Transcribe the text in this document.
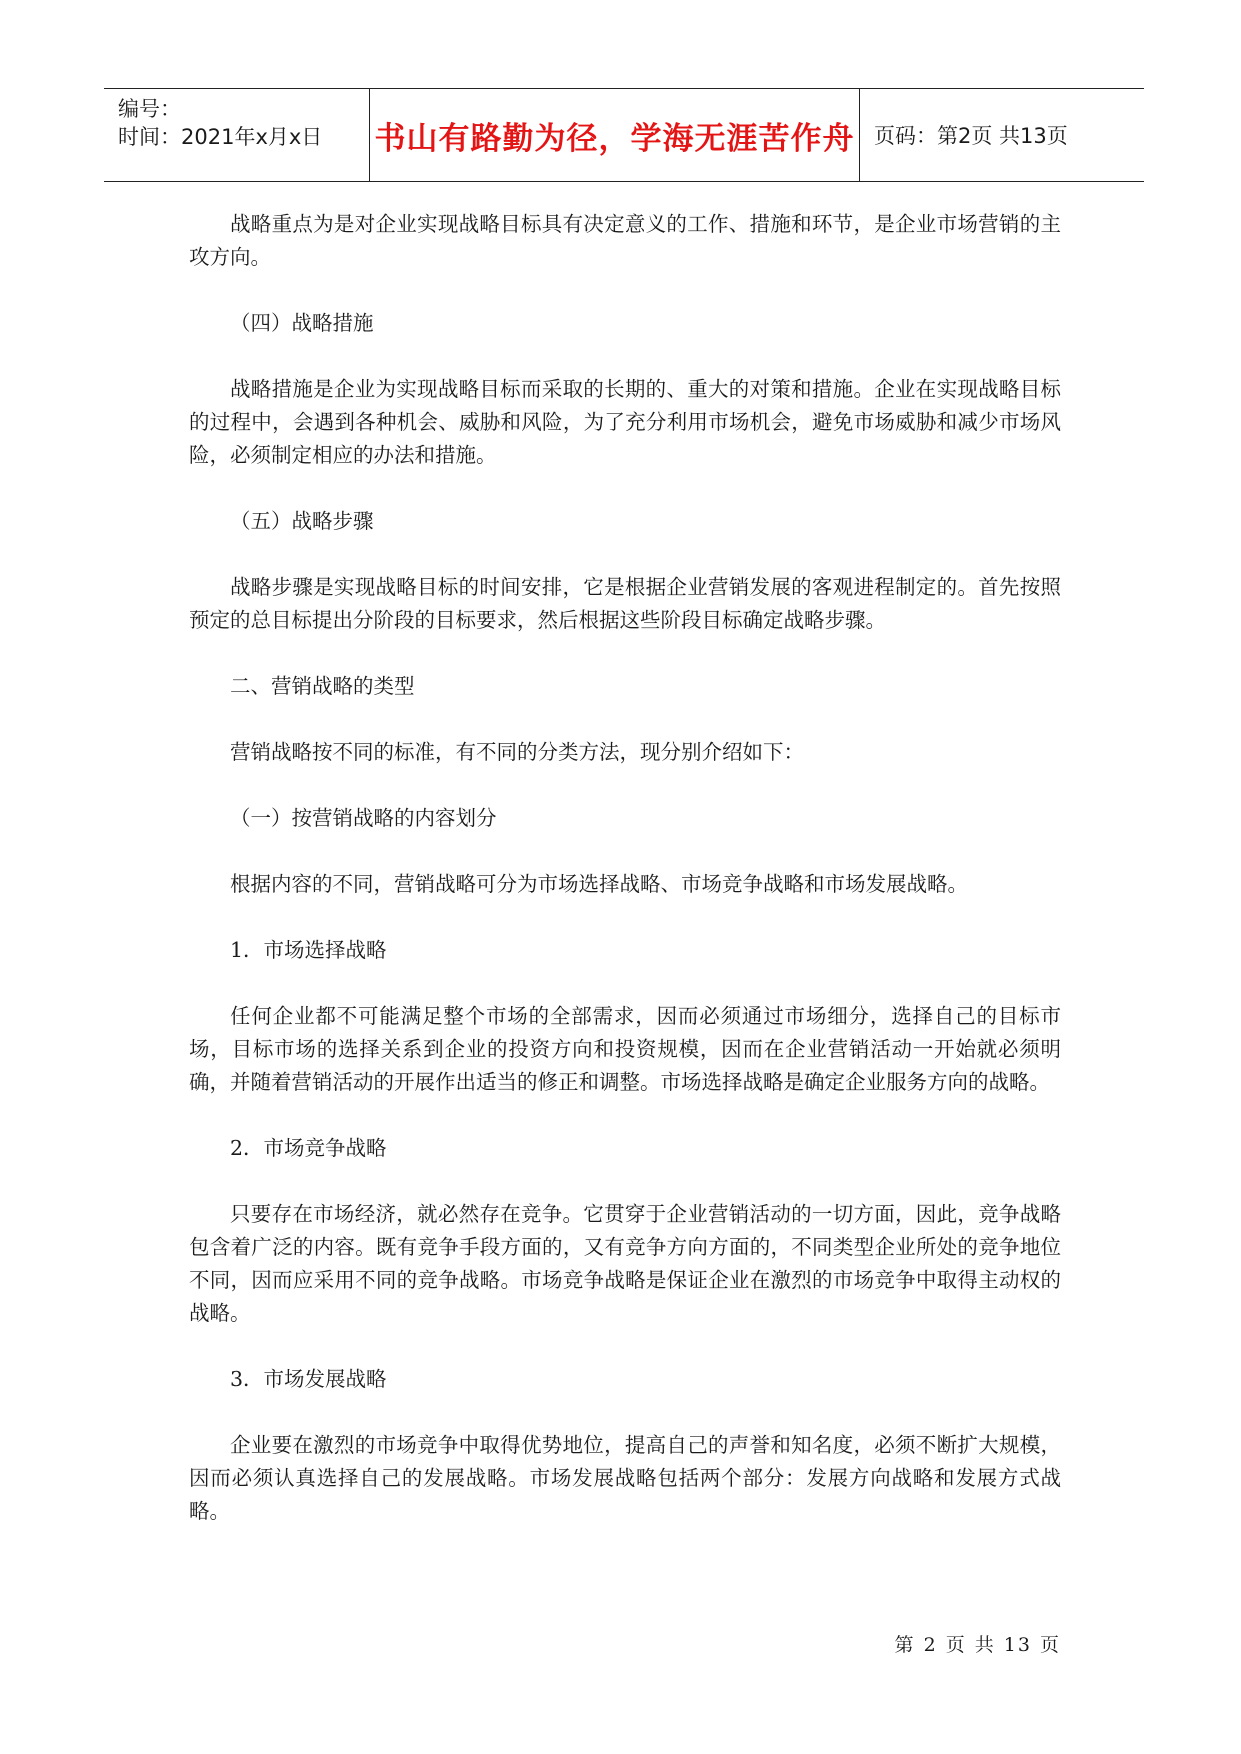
编号：
时间：2021年x月x日	书山有路勤为径，学海无涯苦作舟 页码：第2页 共13页

战略重点为是对企业实现战略目标具有决定意义的工作、措施和环节，是企业市场营销的主攻方向。

（四）战略措施

战略措施是企业为实现战略目标而采取的长期的、重大的对策和措施。企业在实现战略目标的过程中，会遇到各种机会、威胁和风险，为了充分利用市场机会，避免市场威胁和减少市场风险，必须制定相应的办法和措施。

（五）战略步骤

战略步骤是实现战略目标的时间安排，它是根据企业营销发展的客观进程制定的。首先按照预定的总目标提出分阶段的目标要求，然后根据这些阶段目标确定战略步骤。

二、营销战略的类型

营销战略按不同的标准，有不同的分类方法，现分别介绍如下：

（一）按营销战略的内容划分

根据内容的不同，营销战略可分为市场选择战略、市场竞争战略和市场发展战略。

1．市场选择战略

任何企业都不可能满足整个市场的全部需求，因而必须通过市场细分，选择自己的目标市场，目标市场的选择关系到企业的投资方向和投资规模，因而在企业营销活动一开始就必须明确，并随着营销活动的开展作出适当的修正和调整。市场选择战略是确定企业服务方向的战略。

2．市场竞争战略

只要存在市场经济，就必然存在竞争。它贯穿于企业营销活动的一切方面，因此，竞争战略包含着广泛的内容。既有竞争手段方面的，又有竞争方向方面的，不同类型企业所处的竞争地位不同，因而应采用不同的竞争战略。市场竞争战略是保证企业在激烈的市场竞争中取得主动权的战略。

3．市场发展战略

企业要在激烈的市场竞争中取得优势地位，提高自己的声誉和知名度，必须不断扩大规模，因而必须认真选择自己的发展战略。市场发展战略包括两个部分：发展方向战略和发展方式战略。

第 2 页 共 13 页
